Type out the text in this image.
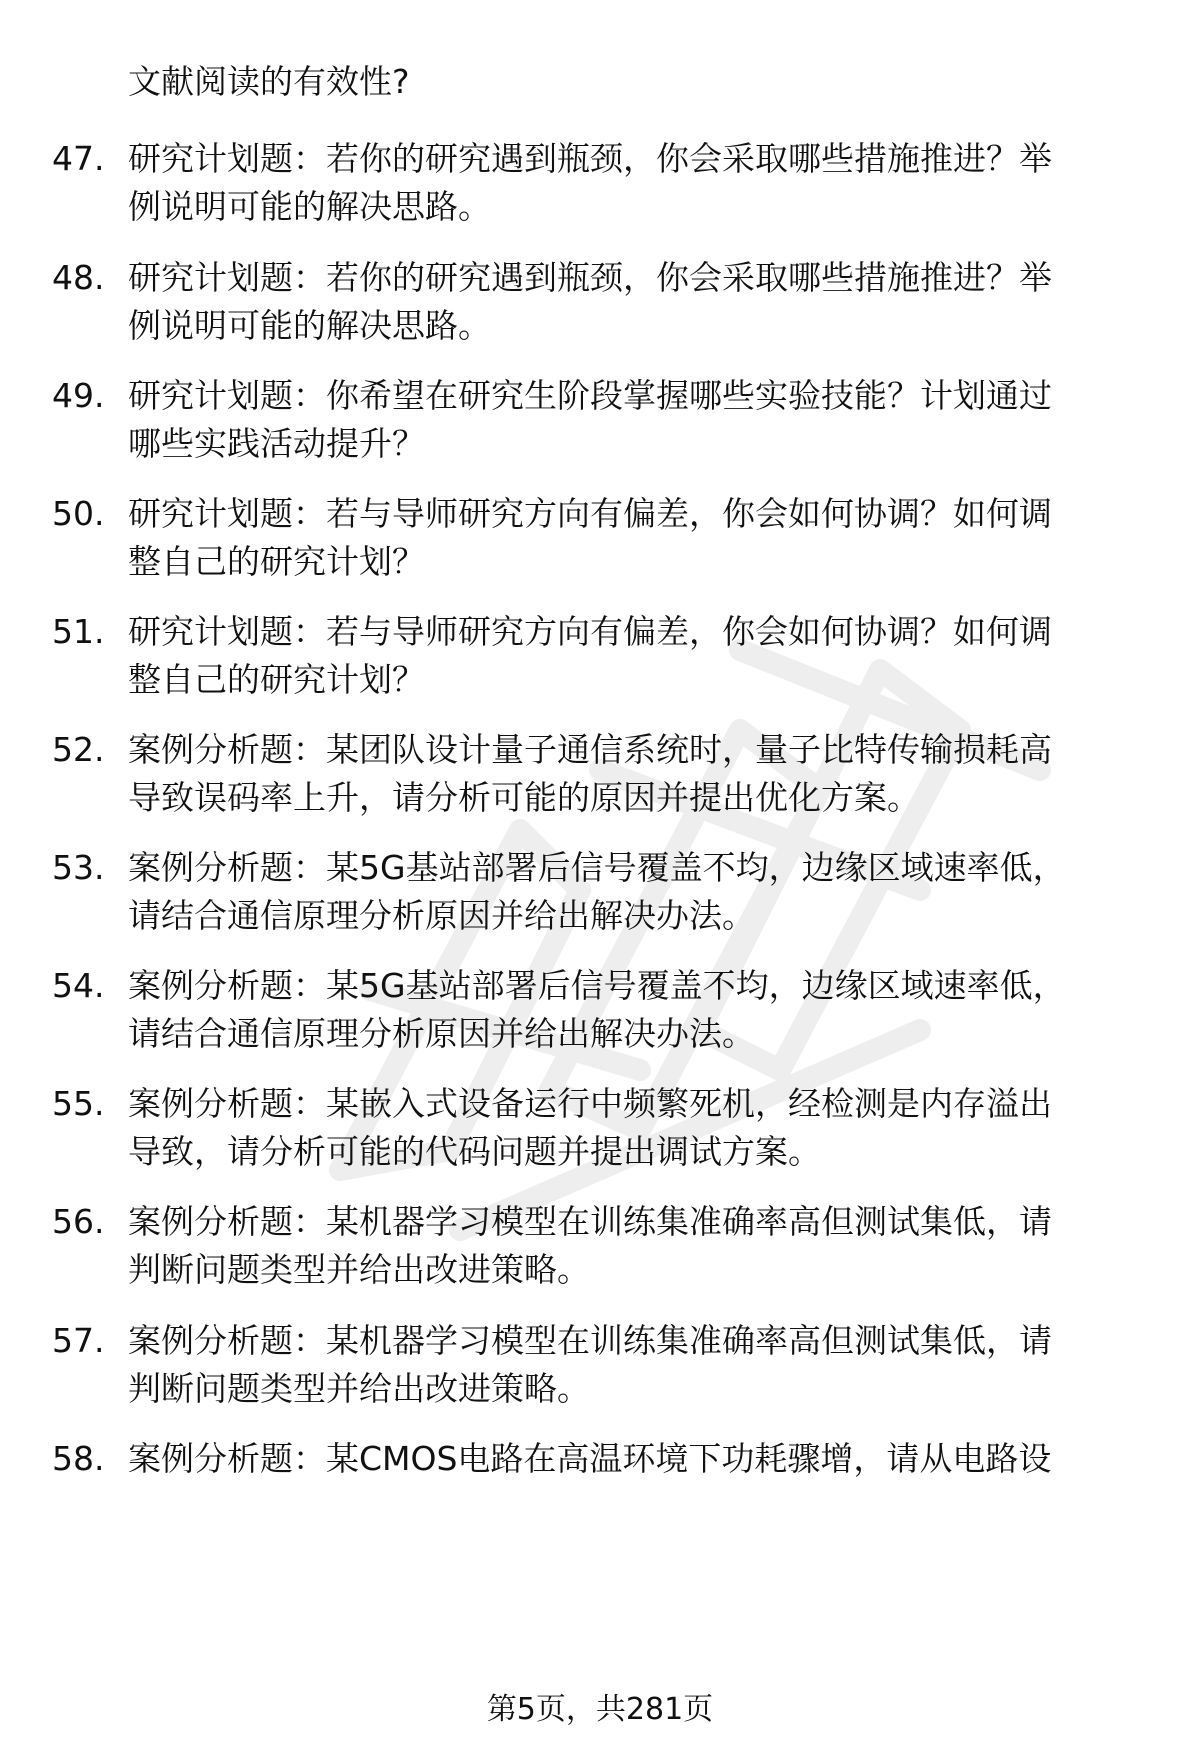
文献阅读的有效性?
47. 研究计划题：若你的研究遇到瓶颈，你会采取哪些措施推进？举
例说明可能的解决思路。
48. 研究计划题：若你的研究遇到瓶颈，你会采取哪些措施推进？举
例说明可能的解决思路。
49. 研究计划题：你希望在研究生阶段掌握哪些实验技能？计划通过
哪些实践活动提升？
50. 研究计划题：若与导师研究方向有偏差，你会如何协调？如何调
整自己的研究计划？
51. 研究计划题：若与导师研究方向有偏差，你会如何协调？如何调
整自己的研究计划？
52. 案例分析题：某团队设计量子通信系统时，量子比特传输损耗高
导致误码率上升，请分析可能的原因并提出优化方案。
53. 案例分析题：某5G基站部署后信号覆盖不均，边缘区域速率低，
请结合通信原理分析原因并给出解决办法。
54. 案例分析题：某5G基站部署后信号覆盖不均，边缘区域速率低，
请结合通信原理分析原因并给出解决办法。
55. 案例分析题：某嵌入式设备运行中频繁死机，经检测是内存溢出
导致，请分析可能的代码问题并提出调试方案。
56. 案例分析题：某机器学习模型在训练集准确率高但测试集低，请
判断问题类型并给出改进策略。
57. 案例分析题：某机器学习模型在训练集准确率高但测试集低，请
判断问题类型并给出改进策略。
58. 案例分析题：某CMOS电路在高温环境下功耗骤增，请从电路设
第5页，共281页
